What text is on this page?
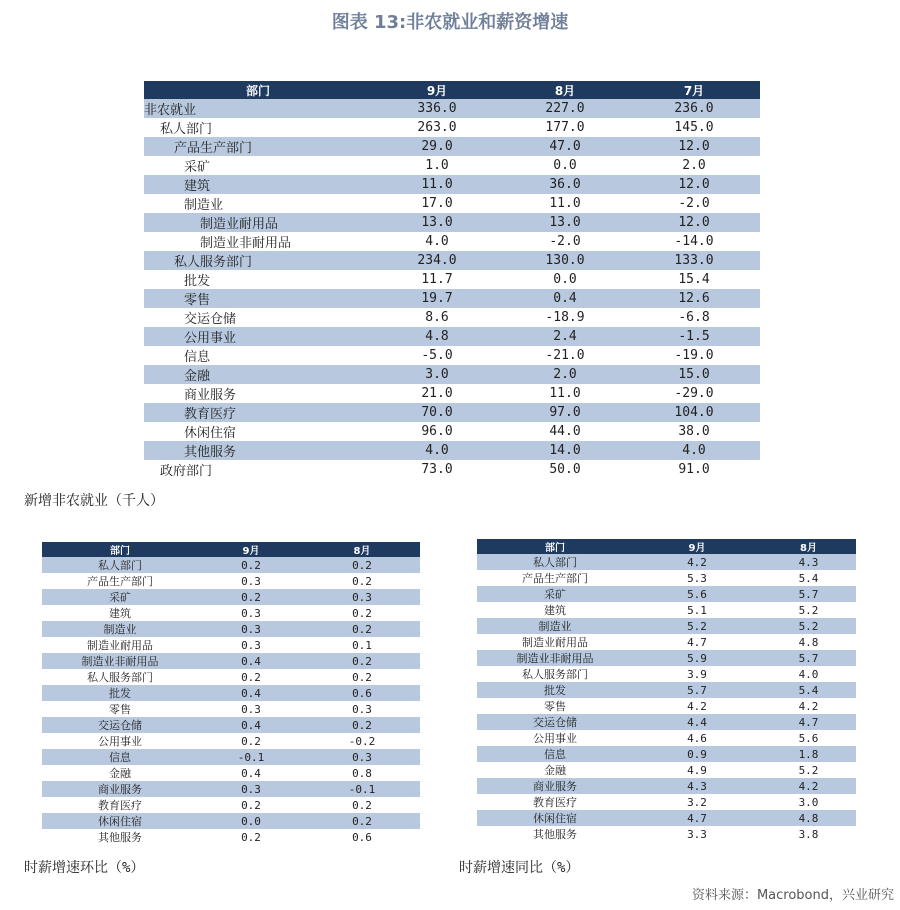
图表 13:非农就业和薪资增速
部门	9月	8月	7月
非农就业	336.0	227.0	236.0
私人部门	263.0	177.0	145.0
产品生产部门	29.0	47.0	12.0
采矿	1.0	0.0	2.0
建筑	11.0	36.0	12.0
制造业	17.0	11.0	-2.0
制造业耐用品	13.0	13.0	12.0
制造业非耐用品	4.0	-2.0	-14.0
私人服务部门	234.0	130.0	133.0
批发	11.7	0.0	15.4
零售	19.7	0.4	12.6
交运仓储	8.6	-18.9	-6.8
公用事业	4.8	2.4	-1.5
信息	-5.0	-21.0	-19.0
金融	3.0	2.0	15.0
商业服务	21.0	11.0	-29.0
教育医疗	70.0	97.0	104.0
休闲住宿	96.0	44.0	38.0
其他服务	4.0	14.0	4.0
政府部门	73.0	50.0	91.0
新增非农就业（千人）
部门	9月	8月
私人部门	0.2	0.2
产品生产部门	0.3	0.2
采矿	0.2	0.3
建筑	0.3	0.2
制造业	0.3	0.2
制造业耐用品	0.3	0.1
制造业非耐用品	0.4	0.2
私人服务部门	0.2	0.2
批发	0.4	0.6
零售	0.3	0.3
交运仓储	0.4	0.2
公用事业	0.2	-0.2
信息	-0.1	0.3
金融	0.4	0.8
商业服务	0.3	-0.1
教育医疗	0.2	0.2
休闲住宿	0.0	0.2
其他服务	0.2	0.6
部门	9月	8月
私人部门	4.2	4.3
产品生产部门	5.3	5.4
采矿	5.6	5.7
建筑	5.1	5.2
制造业	5.2	5.2
制造业耐用品	4.7	4.8
制造业非耐用品	5.9	5.7
私人服务部门	3.9	4.0
批发	5.7	5.4
零售	4.2	4.2
交运仓储	4.4	4.7
公用事业	4.6	5.6
信息	0.9	1.8
金融	4.9	5.2
商业服务	4.3	4.2
教育医疗	3.2	3.0
休闲住宿	4.7	4.8
其他服务	3.3	3.8
时薪增速环比（%）	时薪增速同比（%）
资料来源：Macrobond，兴业研究
